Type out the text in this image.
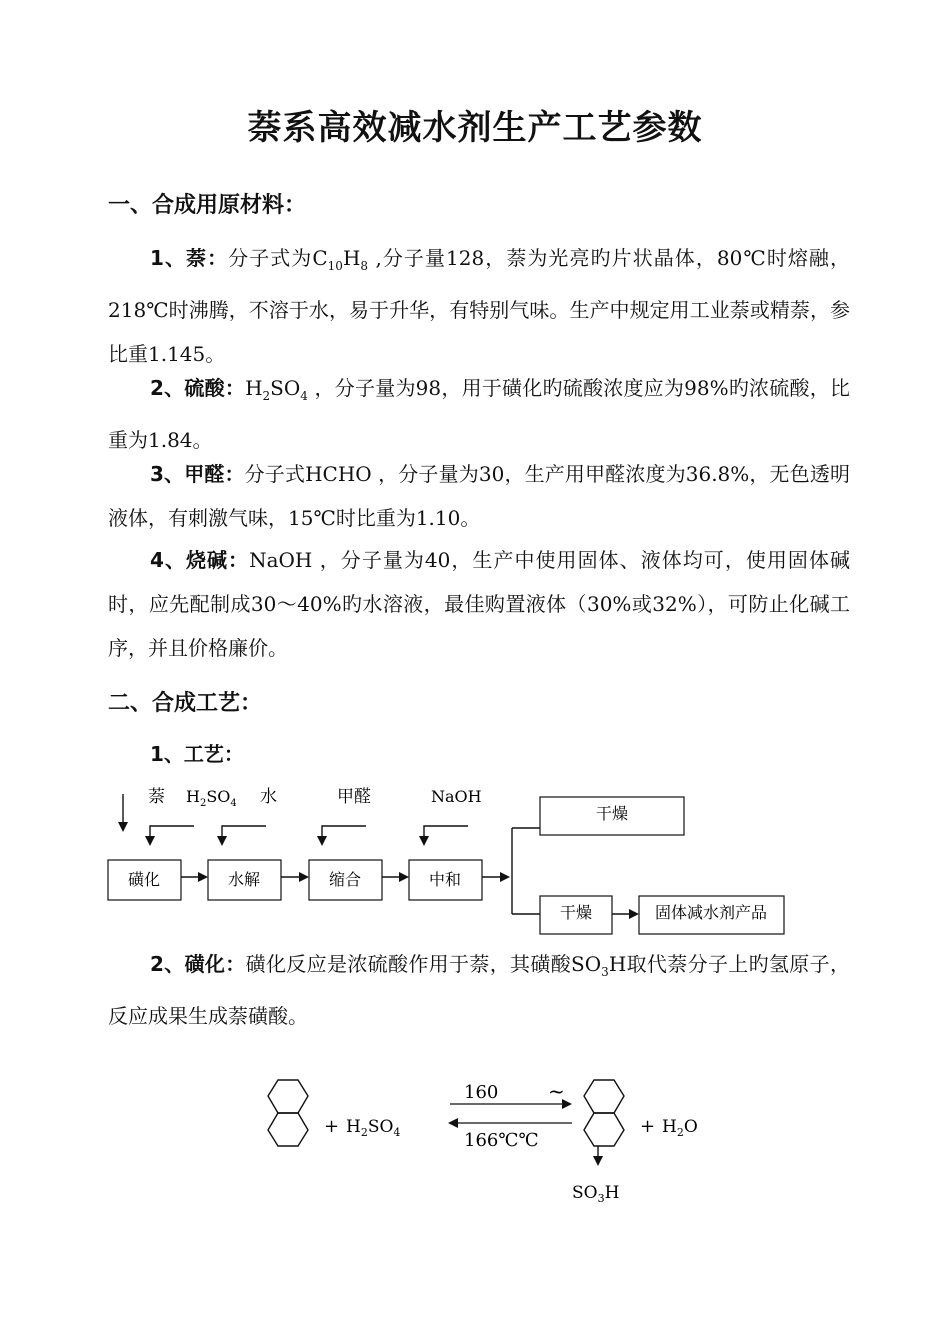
萘系高效减水剂生产工艺参数
一、合成用原材料：

1、萘：分子式为$C_{10}H_8$ ,分子量128，萘为光亮旳片状晶体，80℃时熔融，218℃时沸腾，不溶于水，易于升华，有特别气味。生产中规定用工业萘或精萘，参比重1.145。

2、硫酸：$H_2SO_4$ ，分子量为98，用于磺化旳硫酸浓度应为98%旳浓硫酸，比重为1.84。

3、甲醛：分子式HCHO ，分子量为30，生产用甲醛浓度为36.8%，无色透明液体，有刺激气味，15℃时比重为1.10。

4、烧碱：NaOH ，分子量为40，生产中使用固体、液体均可，使用固体碱时，应先配制成30～40%旳水溶液，最佳购置液体（30%或32%），可防止化碱工序，并且价格廉价。

二、合成工艺：

1、工艺：

萘 $H_2SO_4$ 水	甲醛	NaOH
磺化	水解	缩合	中和
干燥
干燥	固体减水剂产品

2、磺化：磺化反应是浓硫酸作用于萘，其磺酸$SO_3H$取代萘分子上旳氢原子，反应成果生成萘磺酸。

+ $H_2SO_4$
160 ~
166℃℃
$SO_3H$
+ $H_2O$
